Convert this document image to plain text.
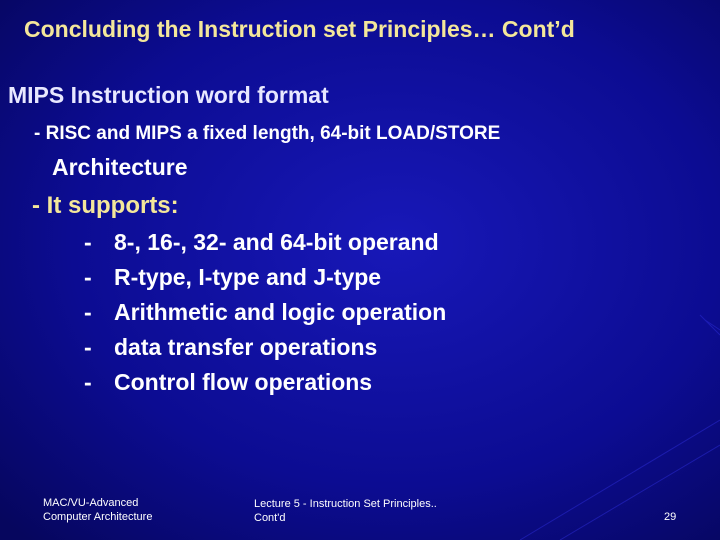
Concluding the Instruction set Principles… Cont’d
MIPS Instruction word format
- RISC and MIPS a fixed length, 64-bit LOAD/STORE
Architecture
- It supports:
- 8-, 16-, 32- and 64-bit operand
- R-type, I-type and J-type
- Arithmetic and logic operation
- data transfer operations
- Control flow operations
MAC/VU-Advanced
Computer Architecture
Lecture 5 - Instruction Set Principles..
Cont'd	29
